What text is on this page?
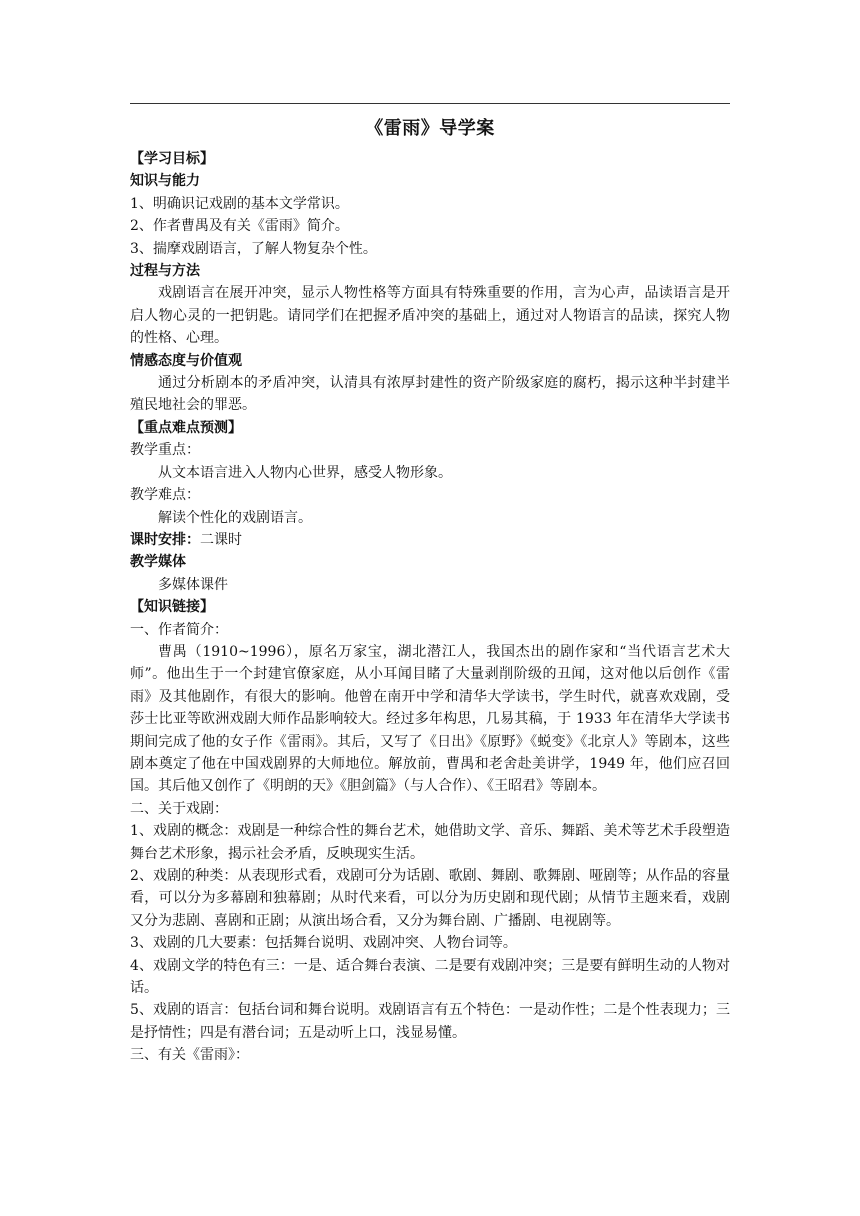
《雷雨》导学案
【学习目标】
知识与能力
1、明确识记戏剧的基本文学常识。
2、作者曹禺及有关《雷雨》简介。
3、揣摩戏剧语言，了解人物复杂个性。
过程与方法

戏剧语言在展开冲突，显示人物性格等方面具有特殊重要的作用，言为心声，品读语言是开启人物心灵的一把钥匙。请同学们在把握矛盾冲突的基础上，通过对人物语言的品读，探究人物的性格、心理。

情感态度与价值观

通过分析剧本的矛盾冲突，认清具有浓厚封建性的资产阶级家庭的腐朽，揭示这种半封建半殖民地社会的罪恶。

【重点难点预测】
教学重点：
从文本语言进入人物内心世界，感受人物形象。
教学难点：
解读个性化的戏剧语言。
课时安排：二课时
教学媒体
多媒体课件
【知识链接】
一、作者简介：

曹禺（1910~1996），原名万家宝，湖北潜江人，我国杰出的剧作家和“当代语言艺术大师”。他出生于一个封建官僚家庭，从小耳闻目睹了大量剥削阶级的丑闻，这对他以后创作《雷雨》及其他剧作，有很大的影响。他曾在南开中学和清华大学读书，学生时代，就喜欢戏剧，受莎士比亚等欧洲戏剧大师作品影响较大。经过多年构思，几易其稿，于 1933 年在清华大学读书期间完成了他的女子作《雷雨》。其后，又写了《日出》《原野》《蜕变》《北京人》等剧本，这些剧本奠定了他在中国戏剧界的大师地位。解放前，曹禺和老舍赴美讲学，1949 年，他们应召回国。其后他又创作了《明朗的天》《胆剑篇》（与人合作）、《王昭君》等剧本。

二、关于戏剧：

1、戏剧的概念：戏剧是一种综合性的舞台艺术，她借助文学、音乐、舞蹈、美术等艺术手段塑造舞台艺术形象，揭示社会矛盾，反映现实生活。

2、戏剧的种类：从表现形式看，戏剧可分为话剧、歌剧、舞剧、歌舞剧、哑剧等；从作品的容量看，可以分为多幕剧和独幕剧；从时代来看，可以分为历史剧和现代剧；从情节主题来看，戏剧又分为悲剧、喜剧和正剧；从演出场合看，又分为舞台剧、广播剧、电视剧等。

3、戏剧的几大要素：包括舞台说明、戏剧冲突、人物台词等。

4、戏剧文学的特色有三：一是、适合舞台表演、二是要有戏剧冲突；三是要有鲜明生动的人物对话。

5、戏剧的语言：包括台词和舞台说明。戏剧语言有五个特色：一是动作性；二是个性表现力；三是抒情性；四是有潜台词；五是动听上口，浅显易懂。

三、有关《雷雨》：
